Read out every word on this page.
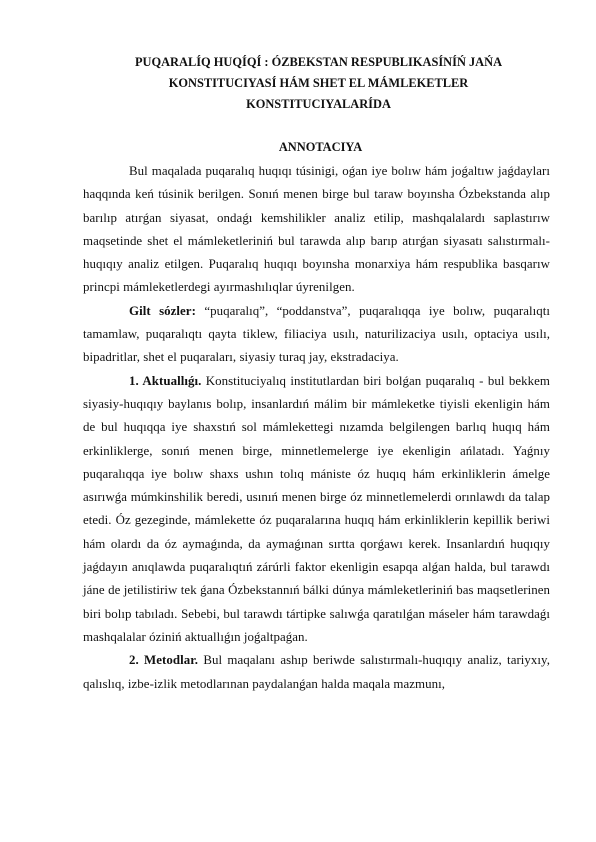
PUQARALÍQ HUQÍQÍ : ÓZBEKSTAN RESPUBLIKASÍNÍŃ JAŃA
KONSTITUCIYASÍ HÁM SHET EL MÁMLEKETLER
KONSTITUCIYALARÍDA
ANNOTACIYA

Bul maqalada puqaralıq huqıqı túsinigi, oǵan iye bolıw hám joǵaltıw jaǵdayları haqqında keń túsinik berilgen. Sonıń menen birge bul taraw boyınsha Ózbekstanda alıp barılıp atırǵan siyasat, ondaǵı kemshilikler analiz etilip, mashqalalardı saplastırıw maqsetinde shet el mámleketleriniń bul tarawda alıp barıp atırǵan siyasatı salıstırmalı-huqıqıy analiz etilgen. Puqaralıq huqıqı boyınsha monarxiya hám respublika basqarıw princpi mámleketlerdegi ayırmashılıqlar úyrenilgen.

Gilt sózler: “puqaralıq”, “poddanstva”, puqaralıqqa iye bolıw, puqaralıqtı tamamlaw, puqaralıqtı qayta tiklew, filiaciya usılı, naturilizaciya usılı, optaciya usılı, bipadritlar, shet el puqaraları, siyasiy turaq jay, ekstradaciya.

1. Aktuallıǵı. Konstituciyalıq institutlardan biri bolǵan puqaralıq - bul bekkem siyasiy-huqıqıy baylanıs bolıp, insanlardıń málim bir mámleketke tiyisli ekenligin hám de bul huqıqqa iye shaxstıń sol mámlekettegi nızamda belgilengen barlıq huqıq hám erkinliklerge, sonıń menen birge, minnetlemelerge iye ekenligin ańlatadı. Yaǵnıy puqaralıqqa iye bolıw shaxs ushın tolıq mániste óz huqıq hám erkinliklerin ámelge asırıwǵa múmkinshilik beredi, usınıń menen birge óz minnetlemelerdi orınlawdı da talap etedi. Óz gezeginde, mámlekette óz puqaralarına huqıq hám erkinliklerin kepillik beriwi hám olardı da óz aymaǵında, da aymaǵınan sırtta qorǵawı kerek. Insanlardıń huqıqıy jaǵdayın anıqlawda puqaralıqtıń zárúrli faktor ekenligin esapqa alǵan halda, bul tarawdı jáne de jetilistiriw tek ǵana Ózbekstannıń bálki dúnya mámleketleriniń bas maqsetlerinen biri bolıp tabıladı. Sebebi, bul tarawdı tártipke salıwǵa qaratılǵan máseler hám tarawdaǵı mashqalalar óziniń aktuallıǵın joǵaltpaǵan.

2. Metodlar. Bul maqalanı ashıp beriwde salıstırmalı-huqıqıy analiz, tariyxıy, qalıslıq, izbe-izlik metodlarınan paydalanǵan halda maqala mazmunı,
